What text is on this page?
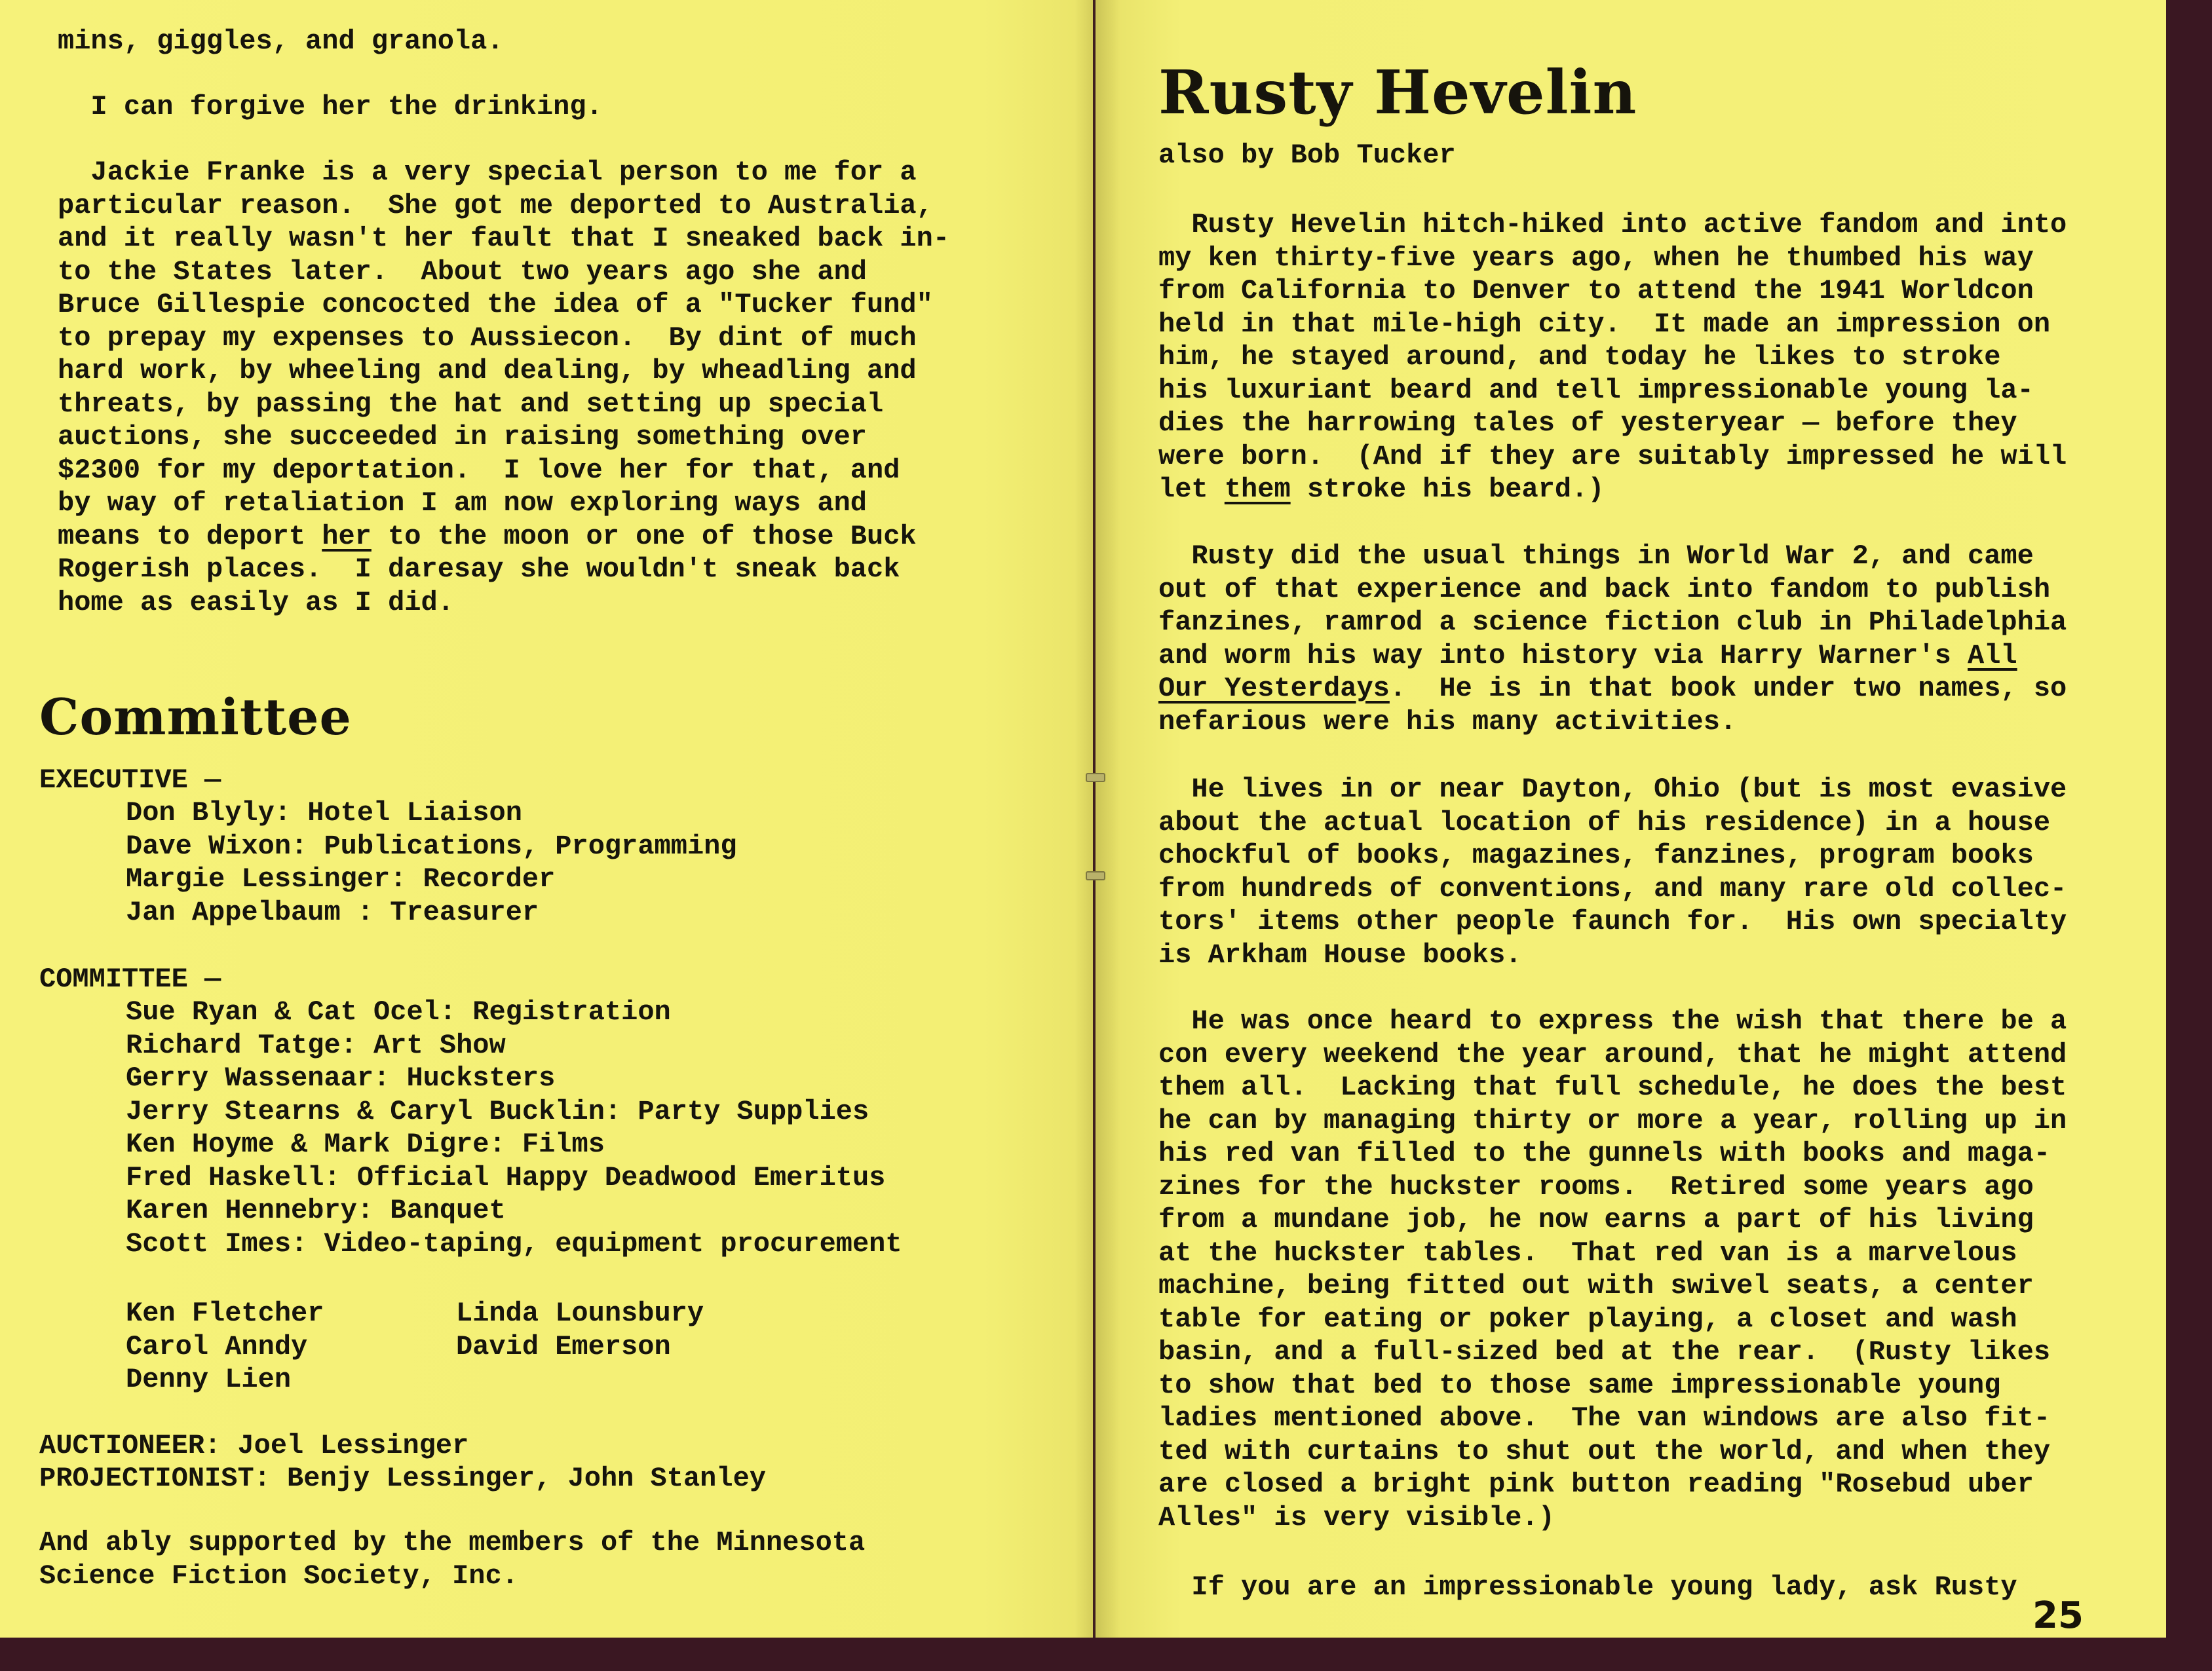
mins, giggles, and granola.
I can forgive her the drinking.
Jackie Franke is a very special person to me for a
particular reason.  She got me deported to Australia,
and it really wasn't her fault that I sneaked back in-
to the States later.  About two years ago she and
Bruce Gillespie concocted the idea of a "Tucker fund"
to prepay my expenses to Aussiecon.  By dint of much
hard work, by wheeling and dealing, by wheadling and
threats, by passing the hat and setting up special
auctions, she succeeded in raising something over
$2300 for my deportation.  I love her for that, and
by way of retaliation I am now exploring ways and
means to deport her to the moon or one of those Buck
Rogerish places.  I daresay she wouldn't sneak back
home as easily as I did.
Committee
EXECUTIVE —
Don Blyly: Hotel Liaison
Dave Wixon: Publications, Programming
Margie Lessinger: Recorder
Jan Appelbaum : Treasurer
COMMITTEE —
Sue Ryan & Cat Ocel: Registration
Richard Tatge: Art Show
Gerry Wassenaar: Hucksters
Jerry Stearns & Caryl Bucklin: Party Supplies
Ken Hoyme & Mark Digre: Films
Fred Haskell: Official Happy Deadwood Emeritus
Karen Hennebry: Banquet
Scott Imes: Video-taping, equipment procurement
Ken Fletcher
Carol Anndy
Denny Lien
Linda Lounsbury
David Emerson
AUCTIONEER: Joel Lessinger
PROJECTIONIST: Benjy Lessinger, John Stanley
And ably supported by the members of the Minnesota
Science Fiction Society, Inc.
Rusty Hevelin
also by Bob Tucker
Rusty Hevelin hitch-hiked into active fandom and into
my ken thirty-five years ago, when he thumbed his way
from California to Denver to attend the 1941 Worldcon
held in that mile-high city.  It made an impression on
him, he stayed around, and today he likes to stroke
his luxuriant beard and tell impressionable young la-
dies the harrowing tales of yesteryear — before they
were born.  (And if they are suitably impressed he will
let them stroke his beard.)
Rusty did the usual things in World War 2, and came
out of that experience and back into fandom to publish
fanzines, ramrod a science fiction club in Philadelphia
and worm his way into history via Harry Warner's All
Our Yesterdays.  He is in that book under two names, so
nefarious were his many activities.
He lives in or near Dayton, Ohio (but is most evasive
about the actual location of his residence) in a house
chockful of books, magazines, fanzines, program books
from hundreds of conventions, and many rare old collec-
tors' items other people faunch for.  His own specialty
is Arkham House books.
He was once heard to express the wish that there be a
con every weekend the year around, that he might attend
them all.  Lacking that full schedule, he does the best
he can by managing thirty or more a year, rolling up in
his red van filled to the gunnels with books and maga-
zines for the huckster rooms.  Retired some years ago
from a mundane job, he now earns a part of his living
at the huckster tables.  That red van is a marvelous
machine, being fitted out with swivel seats, a center
table for eating or poker playing, a closet and wash
basin, and a full-sized bed at the rear.  (Rusty likes
to show that bed to those same impressionable young
ladies mentioned above.  The van windows are also fit-
ted with curtains to shut out the world, and when they
are closed a bright pink button reading "Rosebud uber
Alles" is very visible.)
If you are an impressionable young lady, ask Rusty
25
